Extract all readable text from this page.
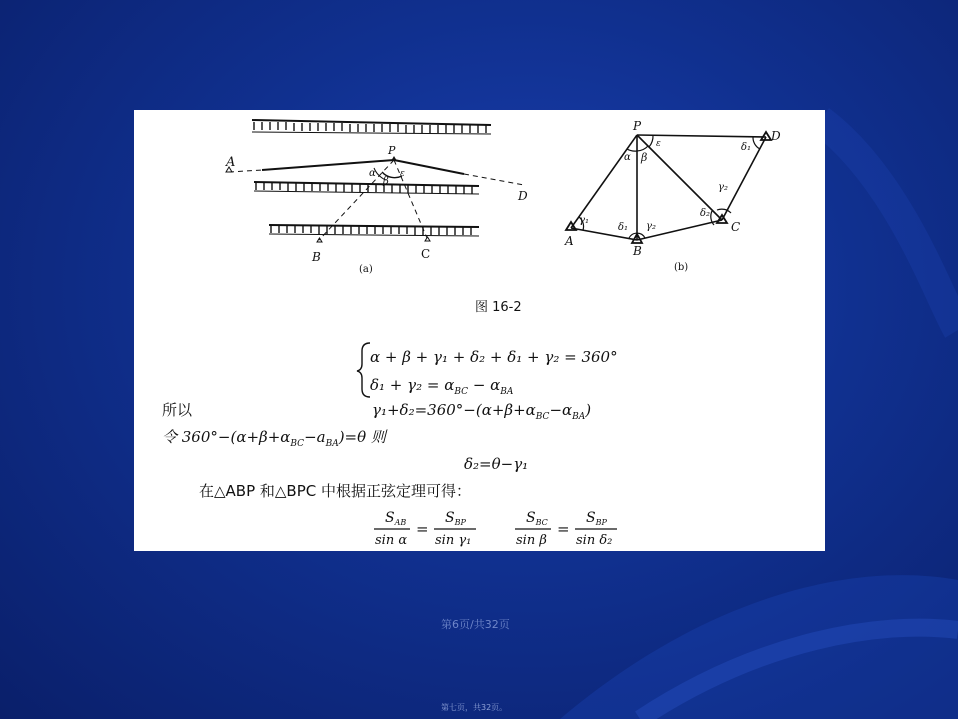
A
P
D
B	C
α
β
ε
(a)
P
A
B
C
D
α β
ε
γ₁
δ₁ γ₂
δ₂
γ₂
δ₁
(b)
图 16-2
α + β + γ₁ + δ₂ + δ₁ + γ₂ = 360°
$\delta_1 + \gamma_2 = \alpha_{BC} - \alpha_{BA}$
所以	$\gamma_1+\delta_2=360^\circ-(\alpha+\beta+\alpha_{BC}-\alpha_{BA})$
令 $360^\circ-(\alpha+\beta+\alpha_{BC}-a_{BA})=\theta$ 则
δ₂=θ−γ₁
在△ABP 和△BPC 中根据正弦定理可得：
$S_{AB}$
sin α
=
$S_{BP}$
sin γ₁
$S_{BC}$
sin β
=
$S_{BP}$
sin δ₂
第6页/共32页
第七页，共32页。
